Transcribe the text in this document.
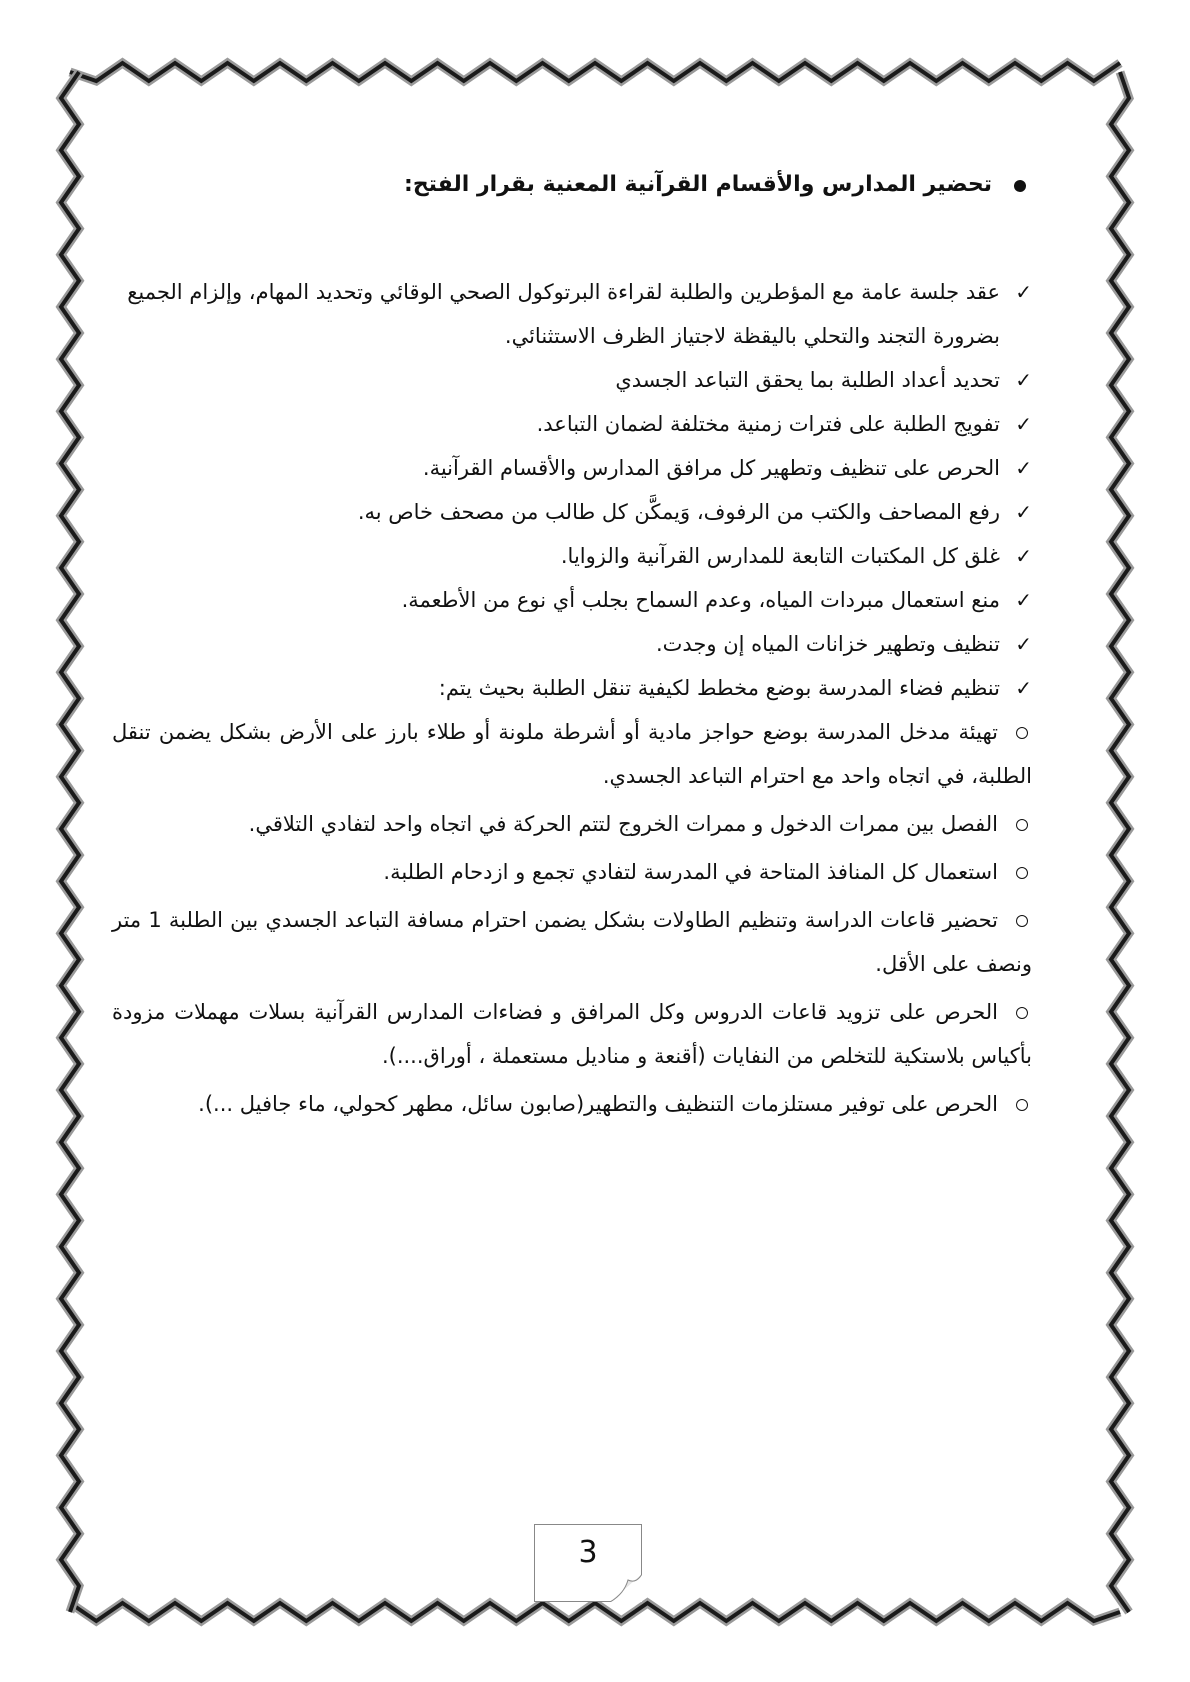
تحضير المدارس والأقسام القرآنية المعنية بقرار الفتح:
✓
عقد جلسة عامة مع المؤطرين والطلبة لقراءة البرتوكول الصحي الوقائي وتحديد المهام، وإلزام الجميع بضرورة التجند والتحلي باليقظة لاجتياز الظرف الاستثنائي.
✓
تحديد أعداد الطلبة بما يحقق التباعد الجسدي
✓
تفويج الطلبة على فترات زمنية مختلفة لضمان التباعد.
✓
الحرص على تنظيف وتطهير كل مرافق المدارس والأقسام القرآنية.
✓
رفع المصاحف والكتب من الرفوف، وَيمكَّن كل طالب من مصحف خاص به.
✓
غلق كل المكتبات التابعة للمدارس القرآنية والزوايا.
✓
منع استعمال مبردات المياه، وعدم السماح بجلب أي نوع من الأطعمة.
✓
تنظيف وتطهير خزانات المياه إن وجدت.
✓
تنظيم فضاء المدرسة بوضع مخطط لكيفية تنقل الطلبة بحيث يتم:
تهيئة مدخل المدرسة بوضع حواجز مادية أو أشرطة ملونة أو طلاء بارز على الأرض بشكل يضمن تنقل الطلبة، في اتجاه واحد مع احترام التباعد الجسدي.
الفصل بين ممرات الدخول و ممرات الخروج لتتم الحركة في اتجاه واحد لتفادي التلاقي.
استعمال كل المنافذ المتاحة في المدرسة لتفادي تجمع و ازدحام الطلبة.
تحضير قاعات الدراسة وتنظيم الطاولات بشكل يضمن احترام مسافة التباعد الجسدي بين الطلبة 1 متر ونصف على الأقل.
الحرص على تزويد قاعات الدروس وكل المرافق و فضاءات المدارس القرآنية بسلات مهملات مزودة بأكياس بلاستكية للتخلص من النفايات (أقنعة و مناديل مستعملة ، أوراق....).
الحرص على توفير مستلزمات التنظيف والتطهير(صابون سائل، مطهر كحولي، ماء جافيل ...).
3
